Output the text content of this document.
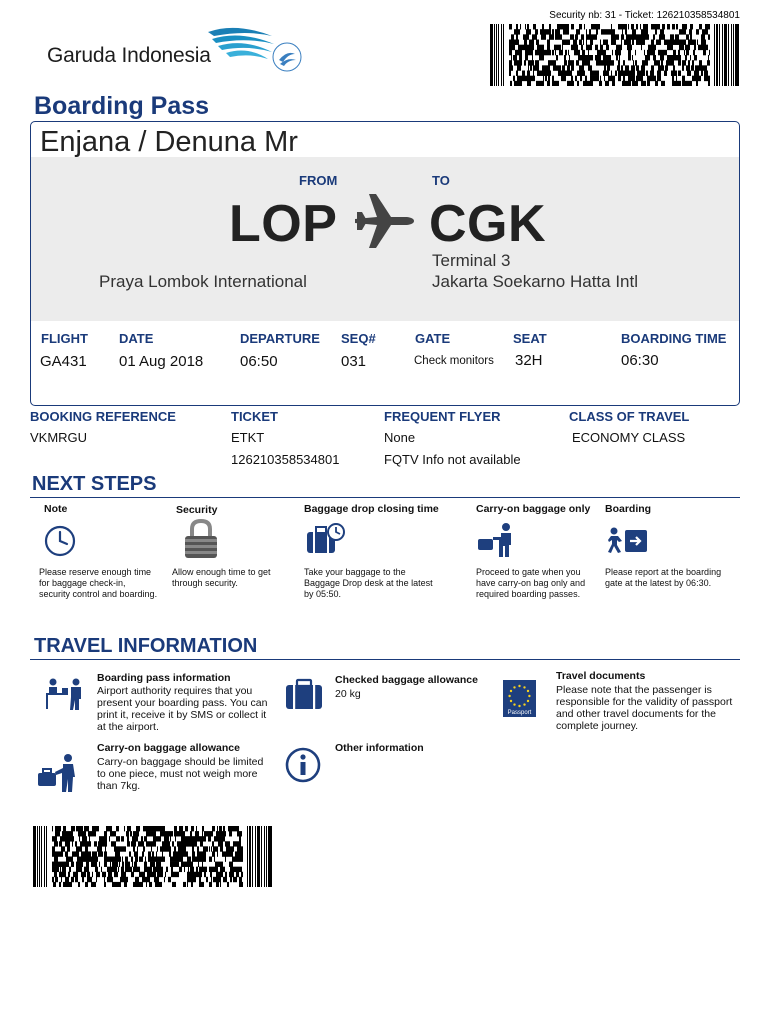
Garuda Indonesia
Security nb: 31 - Ticket: 126210358534801
Boarding Pass
Enjana / Denuna Mr
FROM	TO
LOP CGK
Terminal 3
Praya Lombok International	Jakarta Soekarno Hatta Intl
FLIGHT
GA431
DATE
01 Aug 2018
DEPARTURE
06:50
SEQ#
031
GATE
Check monitors
SEAT
32H
BOARDING TIME
06:30
BOOKING REFERENCE
VKMRGU
TICKET
ETKT
126210358534801
FREQUENT FLYER
None
FQTV Info not available
CLASS OF TRAVEL
ECONOMY CLASS
NEXT STEPS
Note
Please reserve enough time for baggage check-in, security control and boarding.
Security
Allow enough time to get through security.
Baggage drop closing time
Take your baggage to the Baggage Drop desk at the latest by 05:50.
Carry-on baggage only
Proceed to gate when you have carry-on bag only and required boarding passes.
Boarding
Please report at the boarding gate at the latest by 06:30.
TRAVEL INFORMATION
Boarding pass information
Airport authority requires that you present your boarding pass. You can print it, receive it by SMS or collect it at the airport.
Checked baggage allowance
20 kg
Passport
Travel documents
Please note that the passenger is responsible for the validity of passport and other travel documents for the complete journey.
Carry-on baggage allowance
Carry-on baggage should be limited to one piece, must not weigh more than 7kg.
Other information
